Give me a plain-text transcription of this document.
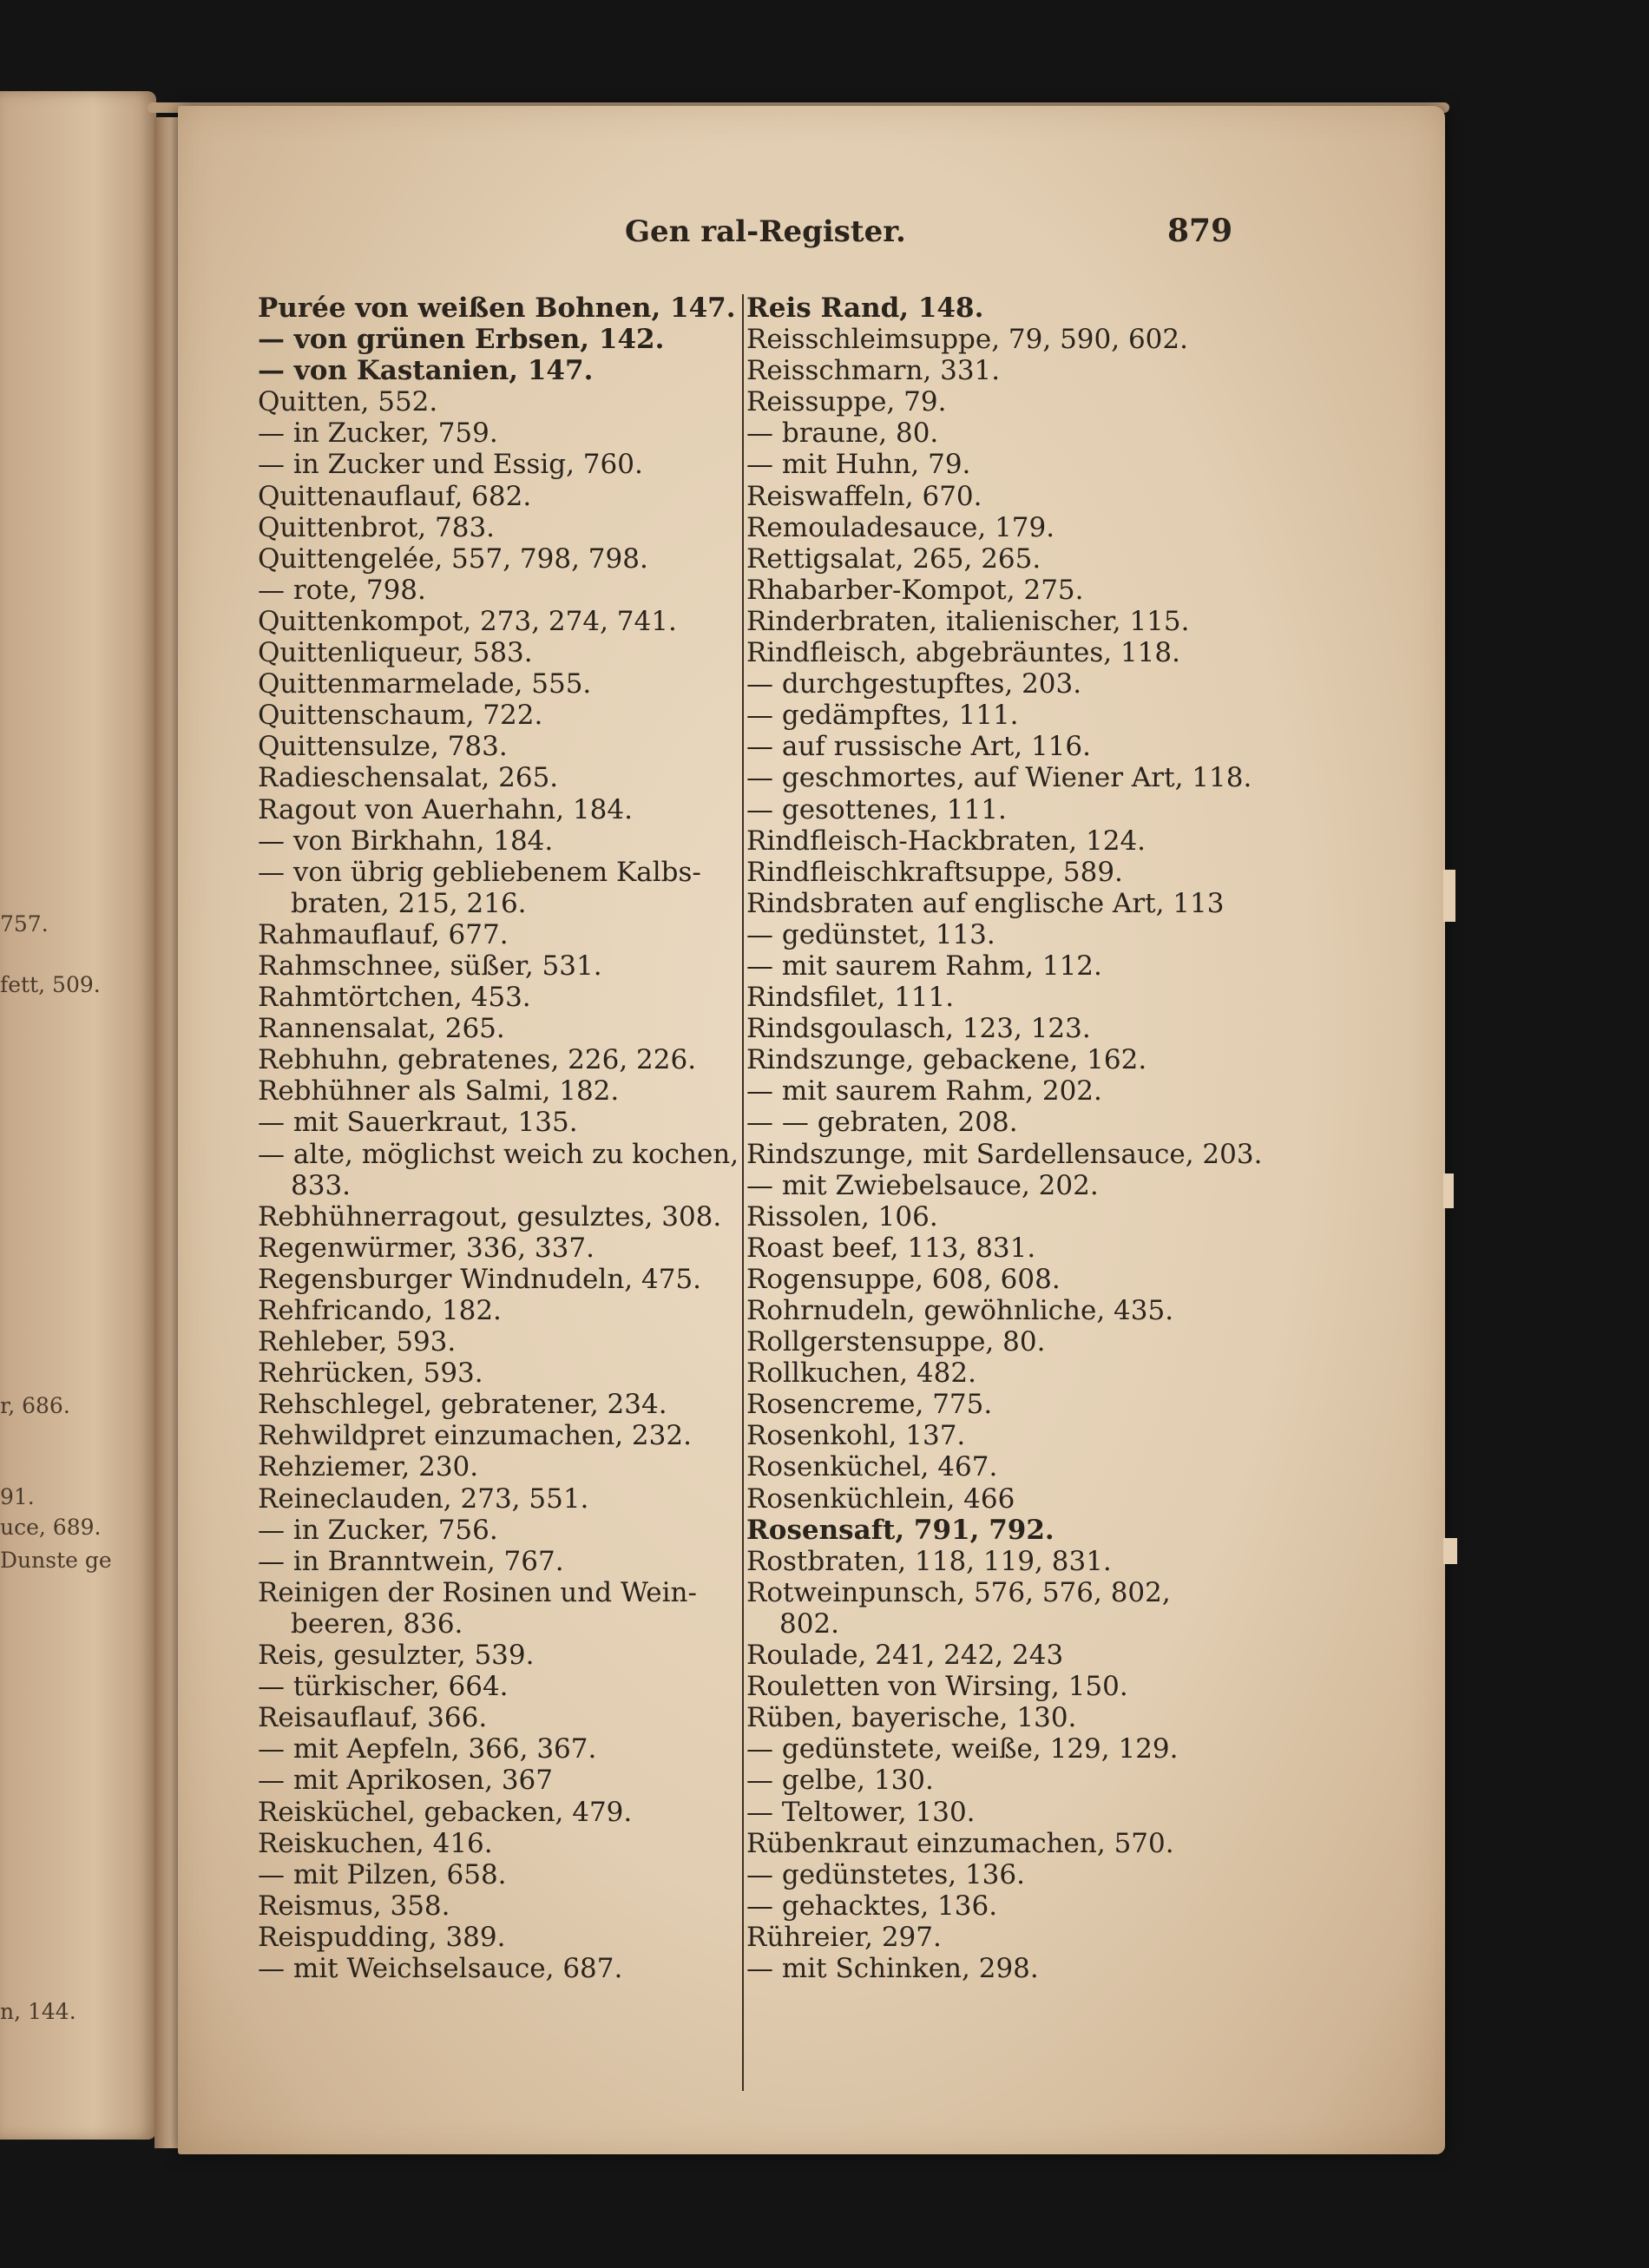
757.
fett, 509.
r, 686.
91.
uce, 689.
Dunste ge
n, 144.
Gen ral-Register.	879
Purée von weißen Bohnen, 147.
— von grünen Erbsen, 142.
— von Kastanien, 147.
Quitten, 552.
— in Zucker, 759.
— in Zucker und Essig, 760.
Quittenauflauf, 682.
Quittenbrot, 783.
Quittengelée, 557, 798, 798.
— rote, 798.
Quittenkompot, 273, 274, 741.
Quittenliqueur, 583.
Quittenmarmelade, 555.
Quittenschaum, 722.
Quittensulze, 783.
Radieschensalat, 265.
Ragout von Auerhahn, 184.
— von Birkhahn, 184.
— von übrig gebliebenem Kalbs-
braten, 215, 216.
Rahmauflauf, 677.
Rahmschnee, süßer, 531.
Rahmtörtchen, 453.
Rannensalat, 265.
Rebhuhn, gebratenes, 226, 226.
Rebhühner als Salmi, 182.
— mit Sauerkraut, 135.
— alte, möglichst weich zu kochen,
833.
Rebhühnerragout, gesulztes, 308.
Regenwürmer, 336, 337.
Regensburger Windnudeln, 475.
Rehfricando, 182.
Rehleber, 593.
Rehrücken, 593.
Rehschlegel, gebratener, 234.
Rehwildpret einzumachen, 232.
Rehziemer, 230.
Reineclauden, 273, 551.
— in Zucker, 756.
— in Branntwein, 767.
Reinigen der Rosinen und Wein-
beeren, 836.
Reis, gesulzter, 539.
— türkischer, 664.
Reisauflauf, 366.
— mit Aepfeln, 366, 367.
— mit Aprikosen, 367
Reisküchel, gebacken, 479.
Reiskuchen, 416.
— mit Pilzen, 658.
Reismus, 358.
Reispudding, 389.
— mit Weichselsauce, 687.
Reis Rand, 148.
Reisschleimsuppe, 79, 590, 602.
Reisschmarn, 331.
Reissuppe, 79.
— braune, 80.
— mit Huhn, 79.
Reiswaffeln, 670.
Remouladesauce, 179.
Rettigsalat, 265, 265.
Rhabarber-Kompot, 275.
Rinderbraten, italienischer, 115.
Rindfleisch, abgebräuntes, 118.
— durchgestupftes, 203.
— gedämpftes, 111.
— auf russische Art, 116.
— geschmortes, auf Wiener Art, 118.
— gesottenes, 111.
Rindfleisch-Hackbraten, 124.
Rindfleischkraftsuppe, 589.
Rindsbraten auf englische Art, 113
— gedünstet, 113.
— mit saurem Rahm, 112.
Rindsfilet, 111.
Rindsgoulasch, 123, 123.
Rindszunge, gebackene, 162.
— mit saurem Rahm, 202.
— — gebraten, 208.
Rindszunge, mit Sardellensauce, 203.
— mit Zwiebelsauce, 202.
Rissolen, 106.
Roast beef, 113, 831.
Rogensuppe, 608, 608.
Rohrnudeln, gewöhnliche, 435.
Rollgerstensuppe, 80.
Rollkuchen, 482.
Rosencreme, 775.
Rosenkohl, 137.
Rosenküchel, 467.
Rosenküchlein, 466
Rosensaft, 791, 792.
Rostbraten, 118, 119, 831.
Rotweinpunsch, 576, 576, 802,
802.
Roulade, 241, 242, 243
Rouletten von Wirsing, 150.
Rüben, bayerische, 130.
— gedünstete, weiße, 129, 129.
— gelbe, 130.
— Teltower, 130.
Rübenkraut einzumachen, 570.
— gedünstetes, 136.
— gehacktes, 136.
Rühreier, 297.
— mit Schinken, 298.
